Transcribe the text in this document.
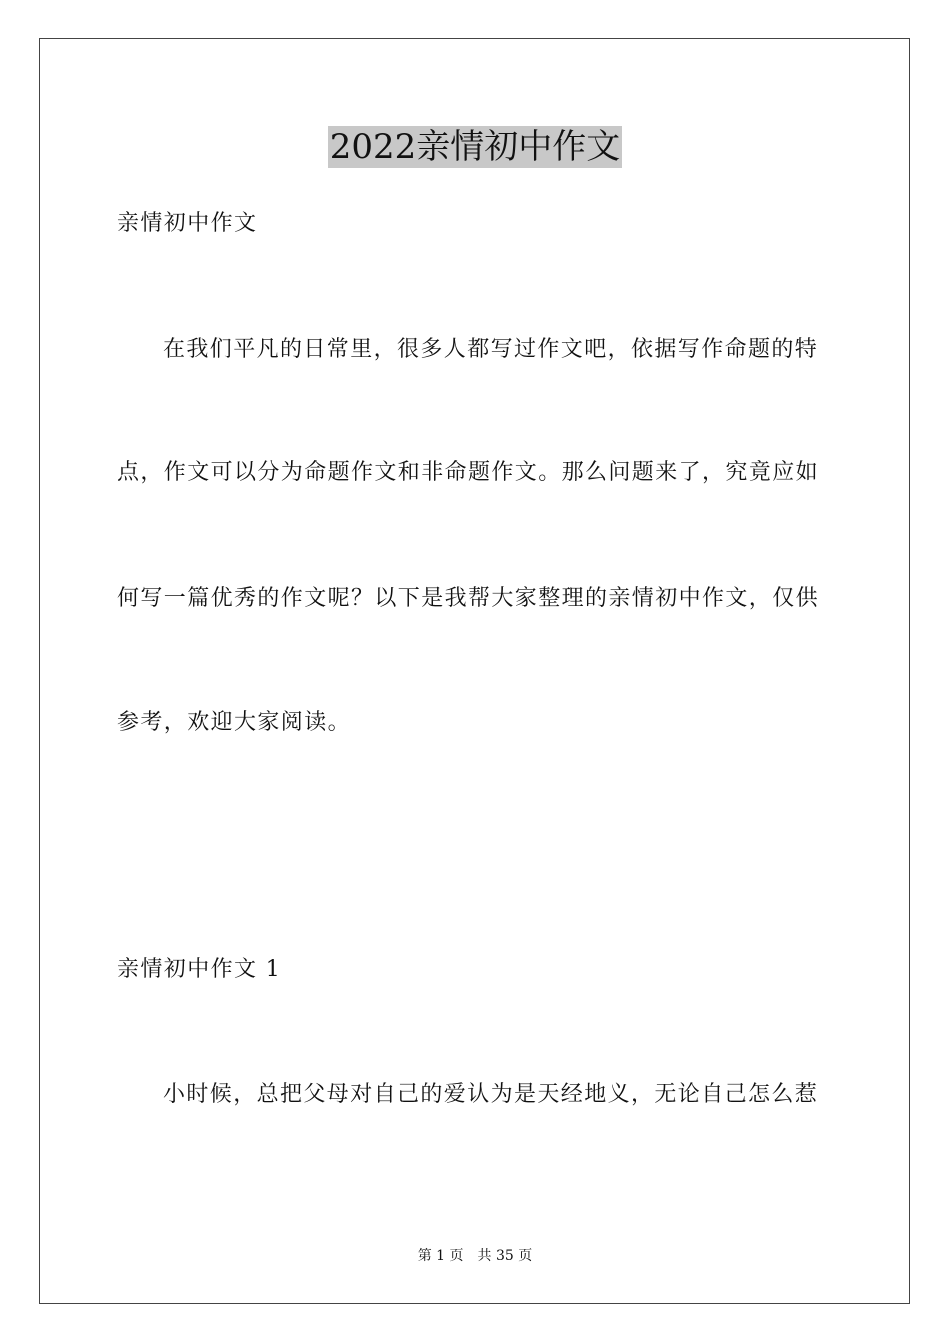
2022亲情初中作文
亲情初中作文
在我们平凡的日常里，很多人都写过作文吧，依据写作命题的特
点，作文可以分为命题作文和非命题作文。那么问题来了，究竟应如
何写一篇优秀的作文呢？以下是我帮大家整理的亲情初中作文，仅供
参考，欢迎大家阅读。
亲情初中作文 1
小时候，总把父母对自己的爱认为是天经地义，无论自己怎么惹
第 1 页　共 35 页
